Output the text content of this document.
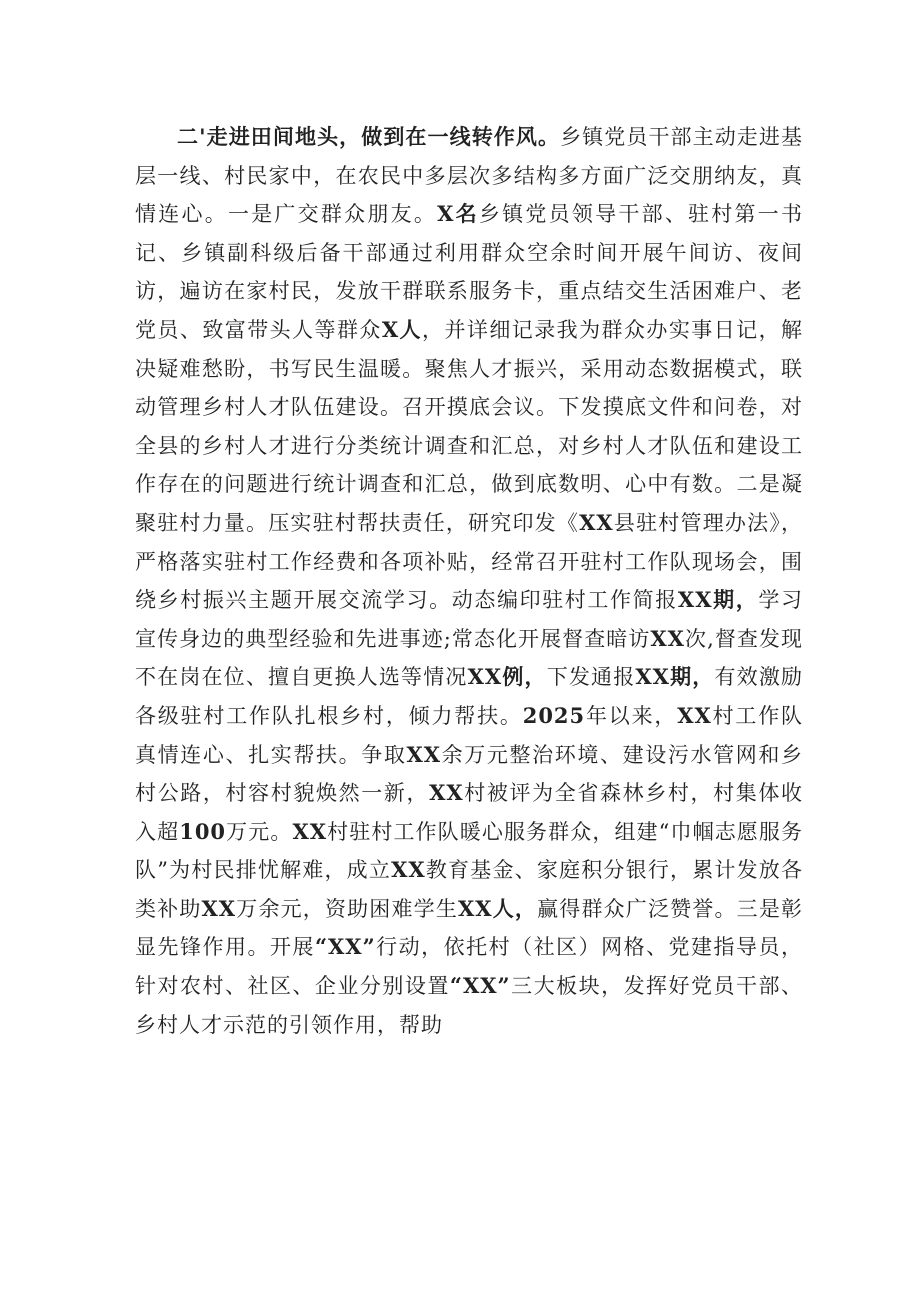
二'走进田间地头，做到在一线转作风。乡镇党员干部主动走进基层一线、村民家中，在农民中多层次多结构多方面广泛交朋纳友，真情连心。一是广交群众朋友。X名乡镇党员领导干部、驻村第一书记、乡镇副科级后备干部通过利用群众空余时间开展午间访、夜间访，遍访在家村民，发放干群联系服务卡，重点结交生活困难户、老党员、致富带头人等群众X人，并详细记录我为群众办实事日记，解决疑难愁盼，书写民生温暖。聚焦人才振兴，采用动态数据模式，联动管理乡村人才队伍建设。召开摸底会议。下发摸底文件和问卷，对全县的乡村人才进行分类统计调查和汇总，对乡村人才队伍和建设工作存在的问题进行统计调查和汇总，做到底数明、心中有数。二是凝聚驻村力量。压实驻村帮扶责任，研究印发《XX县驻村管理办法》，严格落实驻村工作经费和各项补贴，经常召开驻村工作队现场会，围绕乡村振兴主题开展交流学习。动态编印驻村工作简报XX期，学习宣传身边的典型经验和先进事迹;常态化开展督查暗访XX次,督查发现不在岗在位、擅自更换人选等情况XX例，下发通报XX期，有效激励各级驻村工作队扎根乡村，倾力帮扶。2025年以来，XX村工作队真情连心、扎实帮扶。争取XX余万元整治环境、建设污水管网和乡村公路，村容村貌焕然一新，XX村被评为全省森林乡村，村集体收入超100万元。XX村驻村工作队暖心服务群众，组建“巾帼志愿服务队”为村民排忧解难，成立XX教育基金、家庭积分银行，累计发放各类补助XX万余元，资助困难学生XX人，赢得群众广泛赞誉。三是彰显先锋作用。开展“XX”行动，依托村（社区）网格、党建指导员，针对农村、社区、企业分别设置“XX”三大板块，发挥好党员干部、乡村人才示范的引领作用，帮助
